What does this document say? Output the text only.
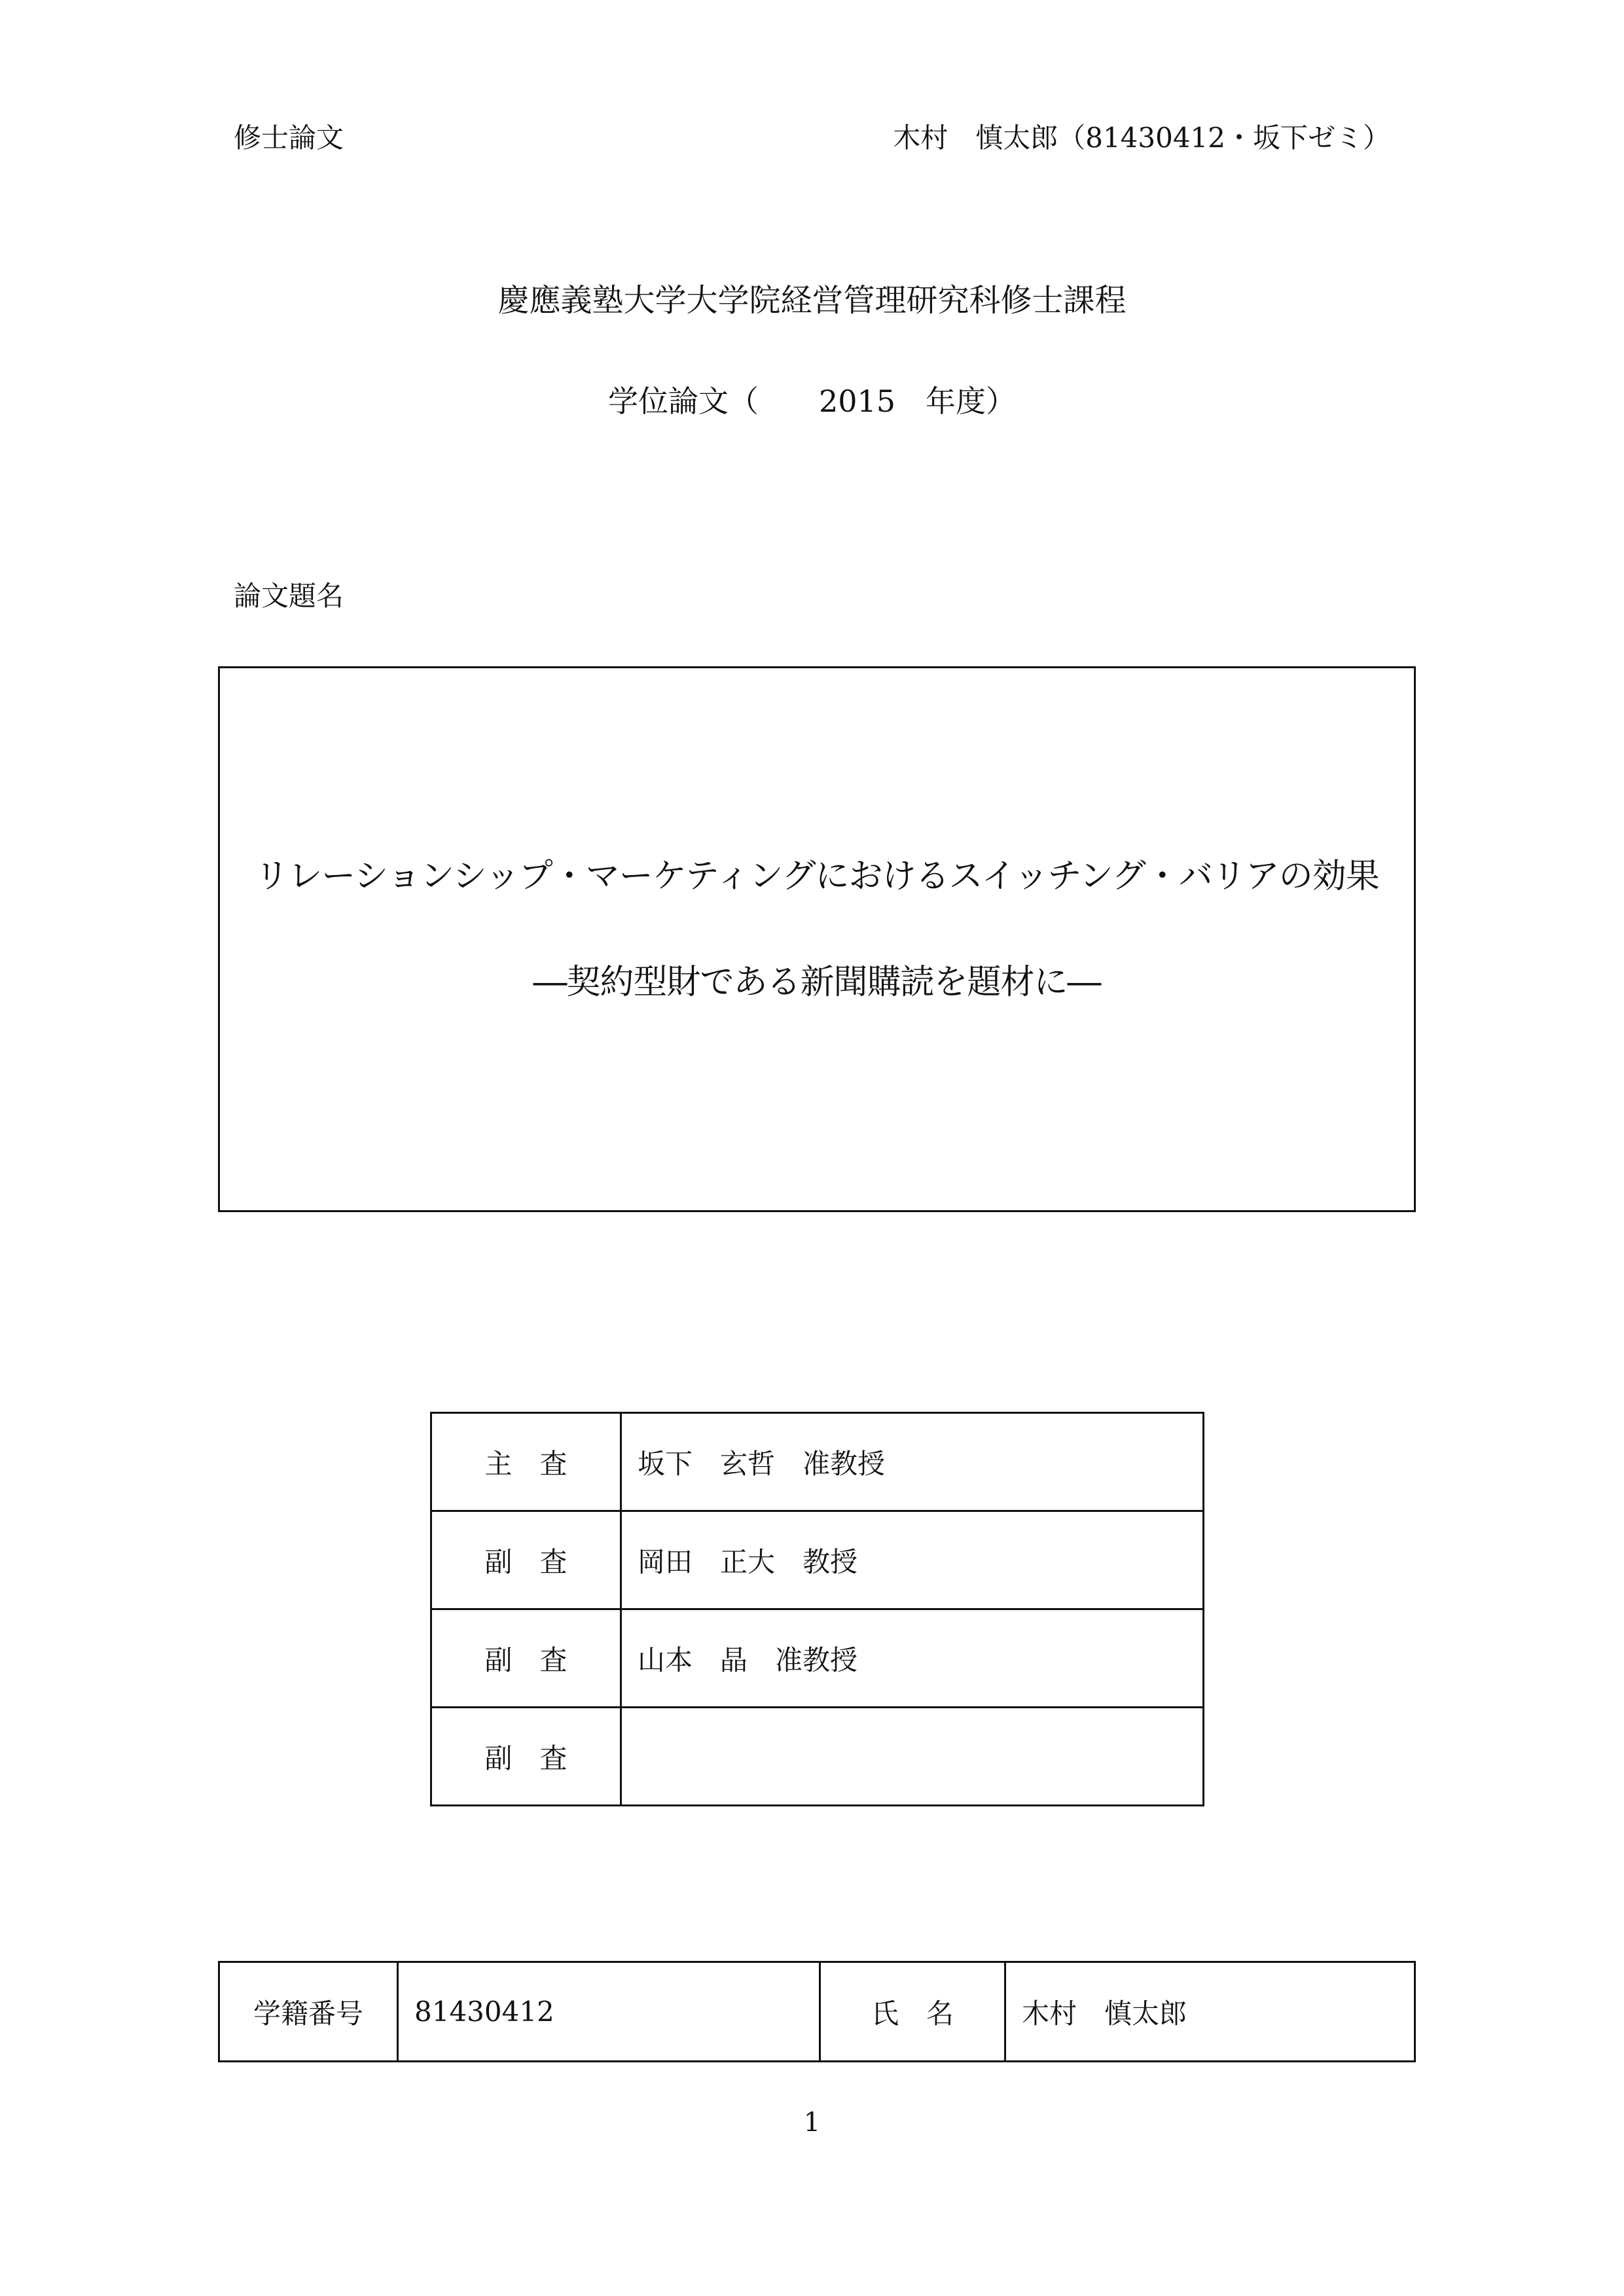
修士論文	木村　慎太郎（81430412・坂下ゼミ）
慶應義塾大学大学院経営管理研究科修士課程
学位論文（　　2015　年度）
論文題名
リレーションシップ・マーケティングにおけるスイッチング・バリアの効果
―契約型財である新聞購読を題材に―
主　査	坂下　玄哲　准教授
副　査	岡田　正大　教授
副　査	山本　晶　准教授
副　査	
学籍番号	81430412	氏　名	木村　慎太郎
1
